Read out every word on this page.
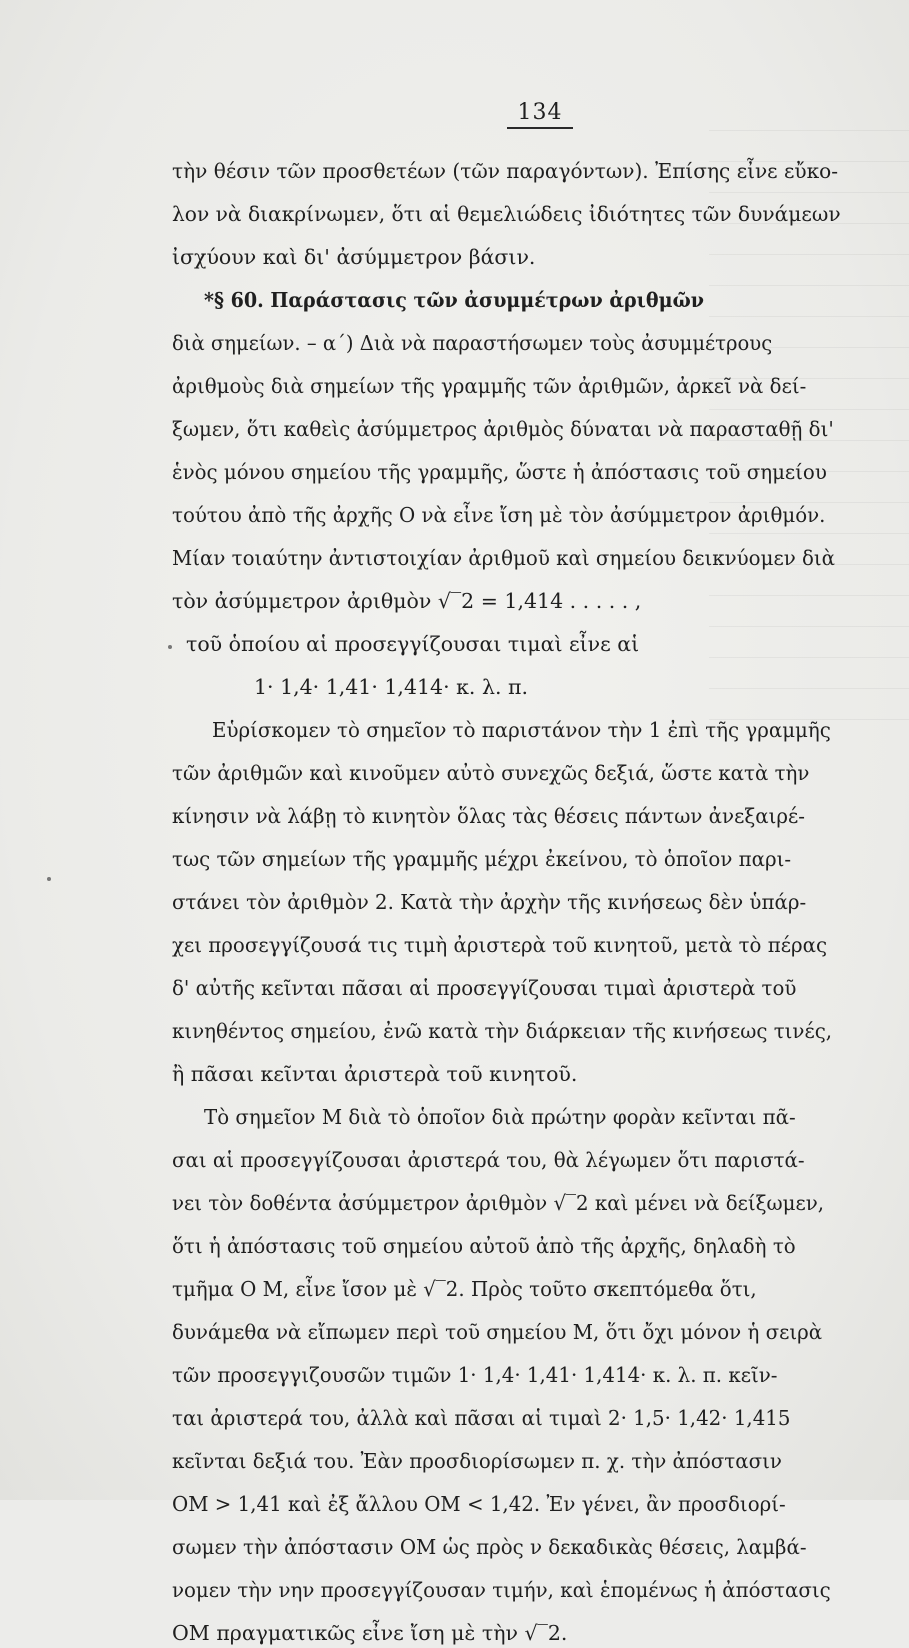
134
τὴν θέσιν τῶν προσθετέων (τῶν παραγόντων). Ἐπίσης εἶνε εὔκο-
λον νὰ διακρίνωμεν, ὅτι αἱ θεμελιώδεις ἰδιότητες τῶν δυνάμεων
ἰσχύουν καὶ δι' ἀσύμμετρον βάσιν.
*§ 60. Παράστασις τῶν ἀσυμμέτρων ἀριθμῶν
διὰ σημείων. – α΄) Διὰ νὰ παραστήσωμεν τοὺς ἀσυμμέτρους
ἀριθμοὺς διὰ σημείων τῆς γραμμῆς τῶν ἀριθμῶν, ἀρκεῖ νὰ δεί-
ξωμεν, ὅτι καθεὶς ἀσύμμετρος ἀριθμὸς δύναται νὰ παρασταθῇ δι'
ἑνὸς μόνου σημείου τῆς γραμμῆς, ὥστε ἡ ἀπόστασις τοῦ σημείου
τούτου ἀπὸ τῆς ἀρχῆς Ο νὰ εἶνε ἴση μὲ τὸν ἀσύμμετρον ἀριθμόν.
Μίαν τοιαύτην ἀντιστοιχίαν ἀριθμοῦ καὶ σημείου δεικνύομεν διὰ
τὸν ἀσύμμετρον ἀριθμὸν √‾2 = 1,414 . . . . . ,
τοῦ ὁποίου αἱ προσεγγίζουσαι τιμαὶ εἶνε αἱ
1· 1,4· 1,41· 1,414· κ. λ. π.
Εὑρίσκομεν τὸ σημεῖον τὸ παριστάνον τὴν 1 ἐπὶ τῆς γραμμῆς
τῶν ἀριθμῶν καὶ κινοῦμεν αὐτὸ συνεχῶς δεξιά, ὥστε κατὰ τὴν
κίνησιν νὰ λάβῃ τὸ κινητὸν ὅλας τὰς θέσεις πάντων ἀνεξαιρέ-
τως τῶν σημείων τῆς γραμμῆς μέχρι ἐκείνου, τὸ ὁποῖον παρι-
στάνει τὸν ἀριθμὸν 2. Κατὰ τὴν ἀρχὴν τῆς κινήσεως δὲν ὑπάρ-
χει προσεγγίζουσά τις τιμὴ ἀριστερὰ τοῦ κινητοῦ, μετὰ τὸ πέρας
δ' αὐτῆς κεῖνται πᾶσαι αἱ προσεγγίζουσαι τιμαὶ ἀριστερὰ τοῦ
κινηθέντος σημείου, ἐνῶ κατὰ τὴν διάρκειαν τῆς κινήσεως τινές,
ἢ πᾶσαι κεῖνται ἀριστερὰ τοῦ κινητοῦ.
Τὸ σημεῖον Μ διὰ τὸ ὁποῖον διὰ πρώτην φορὰν κεῖνται πᾶ-
σαι αἱ προσεγγίζουσαι ἀριστερά του, θὰ λέγωμεν ὅτι παριστά-
νει τὸν δοθέντα ἀσύμμετρον ἀριθμὸν √‾2 καὶ μένει νὰ δείξωμεν,
ὅτι ἡ ἀπόστασις τοῦ σημείου αὐτοῦ ἀπὸ τῆς ἀρχῆς, δηλαδὴ τὸ
τμῆμα Ο Μ, εἶνε ἴσον μὲ √‾2. Πρὸς τοῦτο σκεπτόμεθα ὅτι,
δυνάμεθα νὰ εἴπωμεν περὶ τοῦ σημείου Μ, ὅτι ὄχι μόνον ἡ σειρὰ
τῶν προσεγγιζουσῶν τιμῶν 1· 1,4· 1,41· 1,414· κ. λ. π. κεῖν-
ται ἀριστερά του, ἀλλὰ καὶ πᾶσαι αἱ τιμαὶ 2· 1,5· 1,42· 1,415
κεῖνται δεξιά του. Ἐὰν προσδιορίσωμεν π. χ. τὴν ἀπόστασιν
ΟΜ > 1,41 καὶ ἐξ ἄλλου ΟΜ < 1,42. Ἐν γένει, ἂν προσδιορί-
σωμεν τὴν ἀπόστασιν ΟΜ ὡς πρὸς ν δεκαδικὰς θέσεις, λαμβά-
νομεν τὴν νην προσεγγίζουσαν τιμήν, καὶ ἑπομένως ἡ ἀπόστασις
ΟΜ πραγματικῶς εἶνε ἴση μὲ τὴν √‾2.
